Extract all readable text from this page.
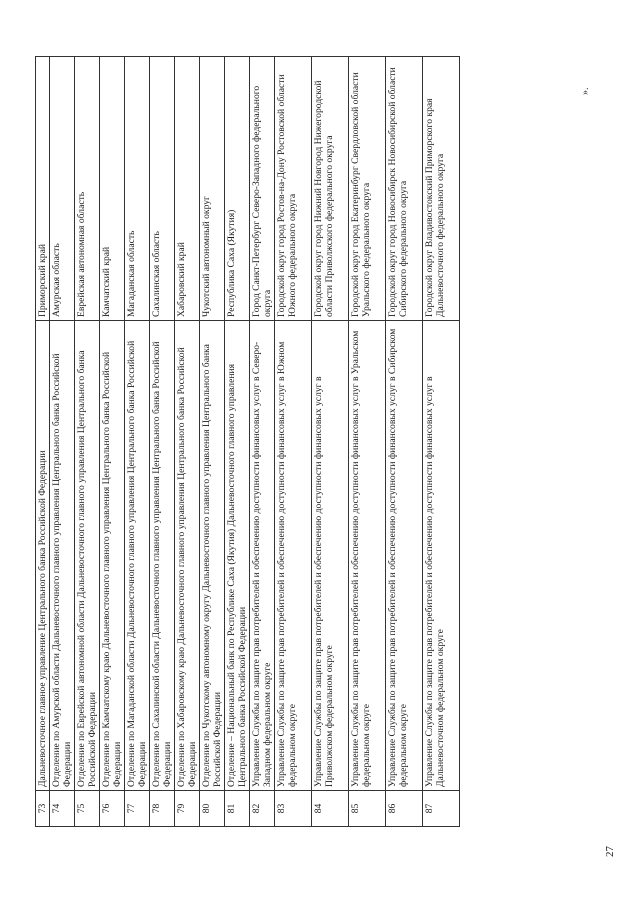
73	Дальневосточное главное управление Центрального банка Российской Федерации	Приморский край
74	Отделение по Амурской области Дальневосточного главного управления Центрального банка Российской Федерации	Амурская область
75	Отделение по Еврейской автономной области Дальневосточного главного управления Центрального банка Российской Федерации	Еврейская автономная область
76	Отделение по Камчатскому краю Дальневосточного главного управления Центрального банка Российской Федерации	Камчатский край
77	Отделение по Магаданской области Дальневосточного главного управления Центрального банка Российской Федерации	Магаданская область
78	Отделение по Сахалинской области Дальневосточного главного управления Центрального банка Российской Федерации	Сахалинская область
79	Отделение по Хабаровскому краю Дальневосточного главного управления Центрального банка Российской Федерации	Хабаровский край
80	Отделение по Чукотскому автономному округу Дальневосточного главного управления Центрального банка Российской Федерации	Чукотский автономный округ
81	Отделение – Национальный банк по Республике Саха (Якутия) Дальневосточного главного управления Центрального банка Российской Федерации	Республика Саха (Якутия)
82	Управление Службы по защите прав потребителей и обеспечению доступности финансовых услуг в Северо-Западном федеральном округе	Город Санкт-Петербург Северо-Западного федерального округа
83	Управление Службы по защите прав потребителей и обеспечению доступности финансовых услуг в Южном федеральном округе	Городской округ город Ростов-на-Дону Ростовской области Южного федерального округа
84	Управление Службы по защите прав потребителей и обеспечению доступности финансовых услуг в Приволжском федеральном округе	Городской округ город Нижний Новгород Нижегородской области Приволжского федерального округа
85	Управление Службы по защите прав потребителей и обеспечению доступности финансовых услуг в Уральском федеральном округе	Городской округ город Екатеринбург Свердловской области Уральского федерального округа
86	Управление Службы по защите прав потребителей и обеспечению доступности финансовых услуг в Сибирском федеральном округе	Городской округ город Новосибирск Новосибирской области Сибирского федерального округа
87	Управление Службы по защите прав потребителей и обеспечению доступности финансовых услуг в Дальневосточном федеральном округе	Городской округ Владивостокский Приморского края Дальневосточного федерального округа
27
».
